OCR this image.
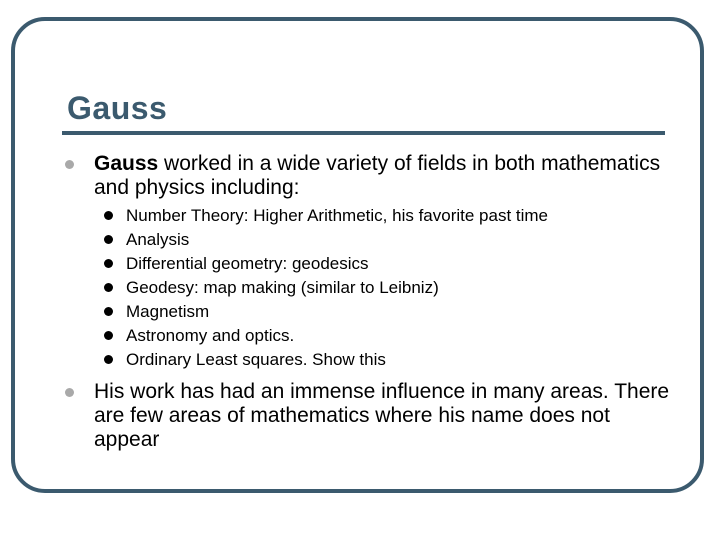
Gauss
Gauss worked in a wide variety of fields in both mathematics and physics including:
Number Theory: Higher Arithmetic, his favorite past time
Analysis
Differential geometry: geodesics
Geodesy: map making (similar to Leibniz)
Magnetism
Astronomy and optics.
Ordinary Least squares. Show this
His work has had an immense influence in many areas. There are few areas of mathematics where his name does not appear
